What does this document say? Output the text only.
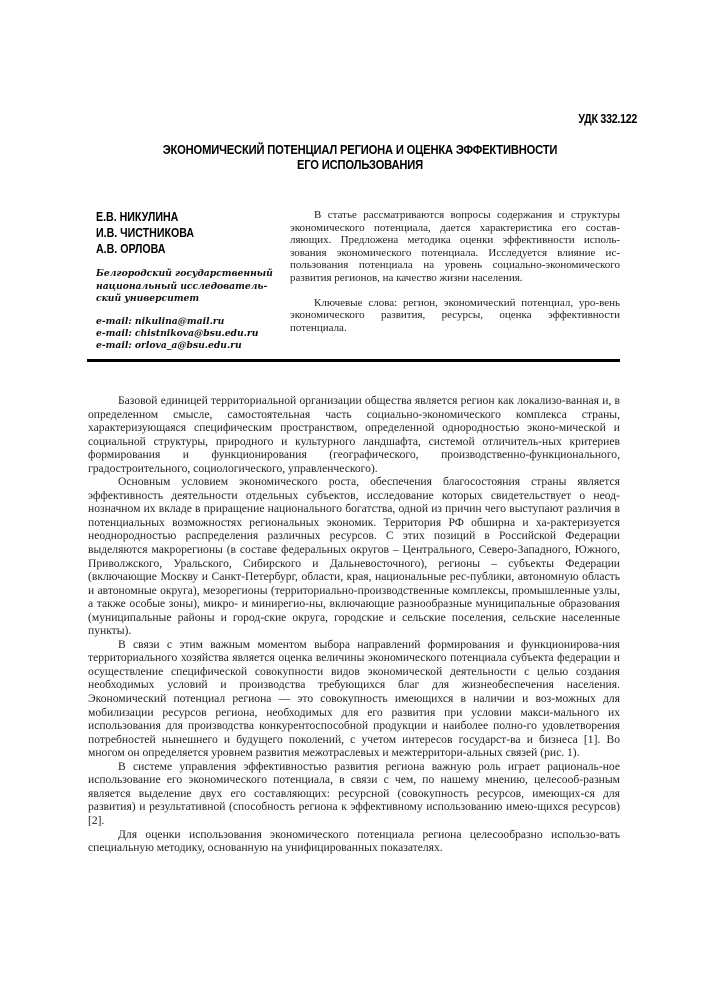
УДК 332.122
ЭКОНОМИЧЕСКИЙ ПОТЕНЦИАЛ РЕГИОНА И ОЦЕНКА ЭФФЕКТИВНОСТИ
ЕГО ИСПОЛЬЗОВАНИЯ
Е.В. НИКУЛИНА
И.В. ЧИСТНИКОВА
А.В. ОРЛОВА
Белгородский государственный национальный исследователь-ский университет
e-mail: nikulina@mail.ru
e-mail: chistnikova@bsu.edu.ru
e-mail: orlova_a@bsu.edu.ru

В статье рассматриваются вопросы содержания и структуры экономического потенциала, дается характеристика его состав-ляющих. Предложена методика оценки эффективности исполь-зования экономического потенциала. Исследуется влияние ис-пользования потенциала на уровень социально-экономического развития регионов, на качество жизни населения.

Ключевые слова: регион, экономический потенциал, уро-вень экономического развития, ресурсы, оценка эффективности потенциала.

Базовой единицей территориальной организации общества является регион как локализо-ванная и, в определенном смысле, самостоятельная часть социально-экономического комплекса страны, характеризующаяся специфическим пространством, определенной однородностью эконо-мической и социальной структуры, природного и культурного ландшафта, системой отличитель-ных критериев формирования и функционирования (географического, производственно-функционального, градостроительного, социологического, управленческого).

Основным условием экономического роста, обеспечения благосостояния страны является эффективность деятельности отдельных субъектов, исследование которых свидетельствует о неод-нозначном их вкладе в приращение национального богатства, одной из причин чего выступают различия в потенциальных возможностях региональных экономик. Территория РФ обширна и ха-рактеризуется неоднородностью распределения различных ресурсов. С этих позиций в Российской Федерации выделяются макрорегионы (в составе федеральных округов – Центрального, Северо-Западного, Южного, Приволжского, Уральского, Сибирского и Дальневосточного), регионы – субъекты Федерации (включающие Москву и Санкт-Петербург, области, края, национальные рес-публики, автономную область и автономные округа), мезорегионы (территориально-производственные комплексы, промышленные узлы, а также особые зоны), микро- и минирегио-ны, включающие разнообразные муниципальные образования (муниципальные районы и город-ские округа, городские и сельские поселения, сельские населенные пункты).

В связи с этим важным моментом выбора направлений формирования и функционирова-ния территориального хозяйства является оценка величины экономического потенциала субъекта федерации и осуществление специфической совокупности видов экономической деятельности с целью создания необходимых условий и производства требующихся благ для жизнеобеспечения населения. Экономический потенциал региона — это совокупность имеющихся в наличии и воз-можных для мобилизации ресурсов региона, необходимых для его развития при условии макси-мального их использования для производства конкурентоспособной продукции и наиболее полно-го удовлетворения потребностей нынешнего и будущего поколений, с учетом интересов государст-ва и бизнеса [1]. Во многом он определяется уровнем развития межотраслевых и межтерритори-альных связей (рис. 1).

В системе управления эффективностью развития региона важную роль играет рациональ-ное использование его экономического потенциала, в связи с чем, по нашему мнению, целесооб-разным является выделение двух его составляющих: ресурсной (совокупность ресурсов, имеющих-ся для развития) и результативной (способность региона к эффективному использованию имею-щихся ресурсов) [2].

Для оценки использования экономического потенциала региона целесообразно использо-вать специальную методику, основанную на унифицированных показателях.
